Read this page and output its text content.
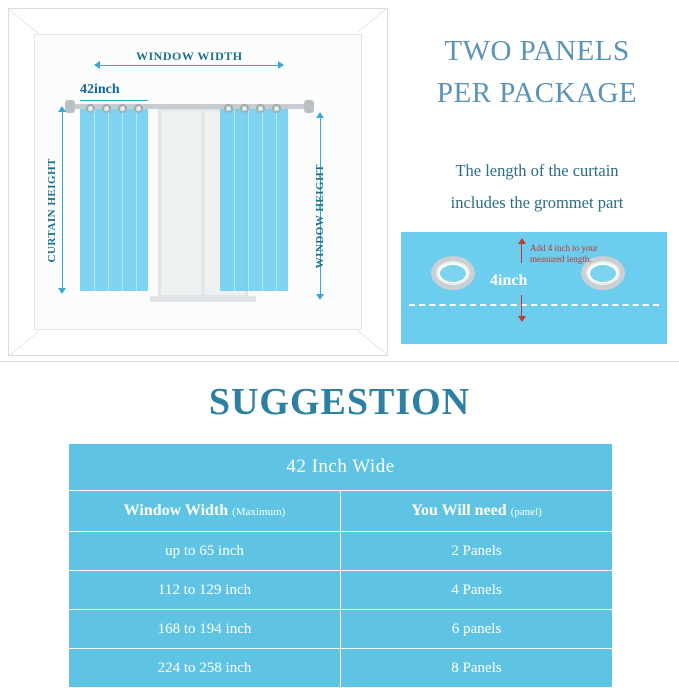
WINDOW WIDTH
42inch
CURTAIN HEIGHT	WINDOW HEIGHT
TWO PANELS
PER PACKAGE
The length of the curtain
includes the grommet part
Add 4 inch to your
measured length.
4inch
SUGGESTION
42 Inch Wide	
Window Width (Maximum)	You Will need (panel)
up to 65 inch	2 Panels
112 to 129 inch	4 Panels
168 to 194 inch	6 panels
224 to 258 inch	8 Panels
